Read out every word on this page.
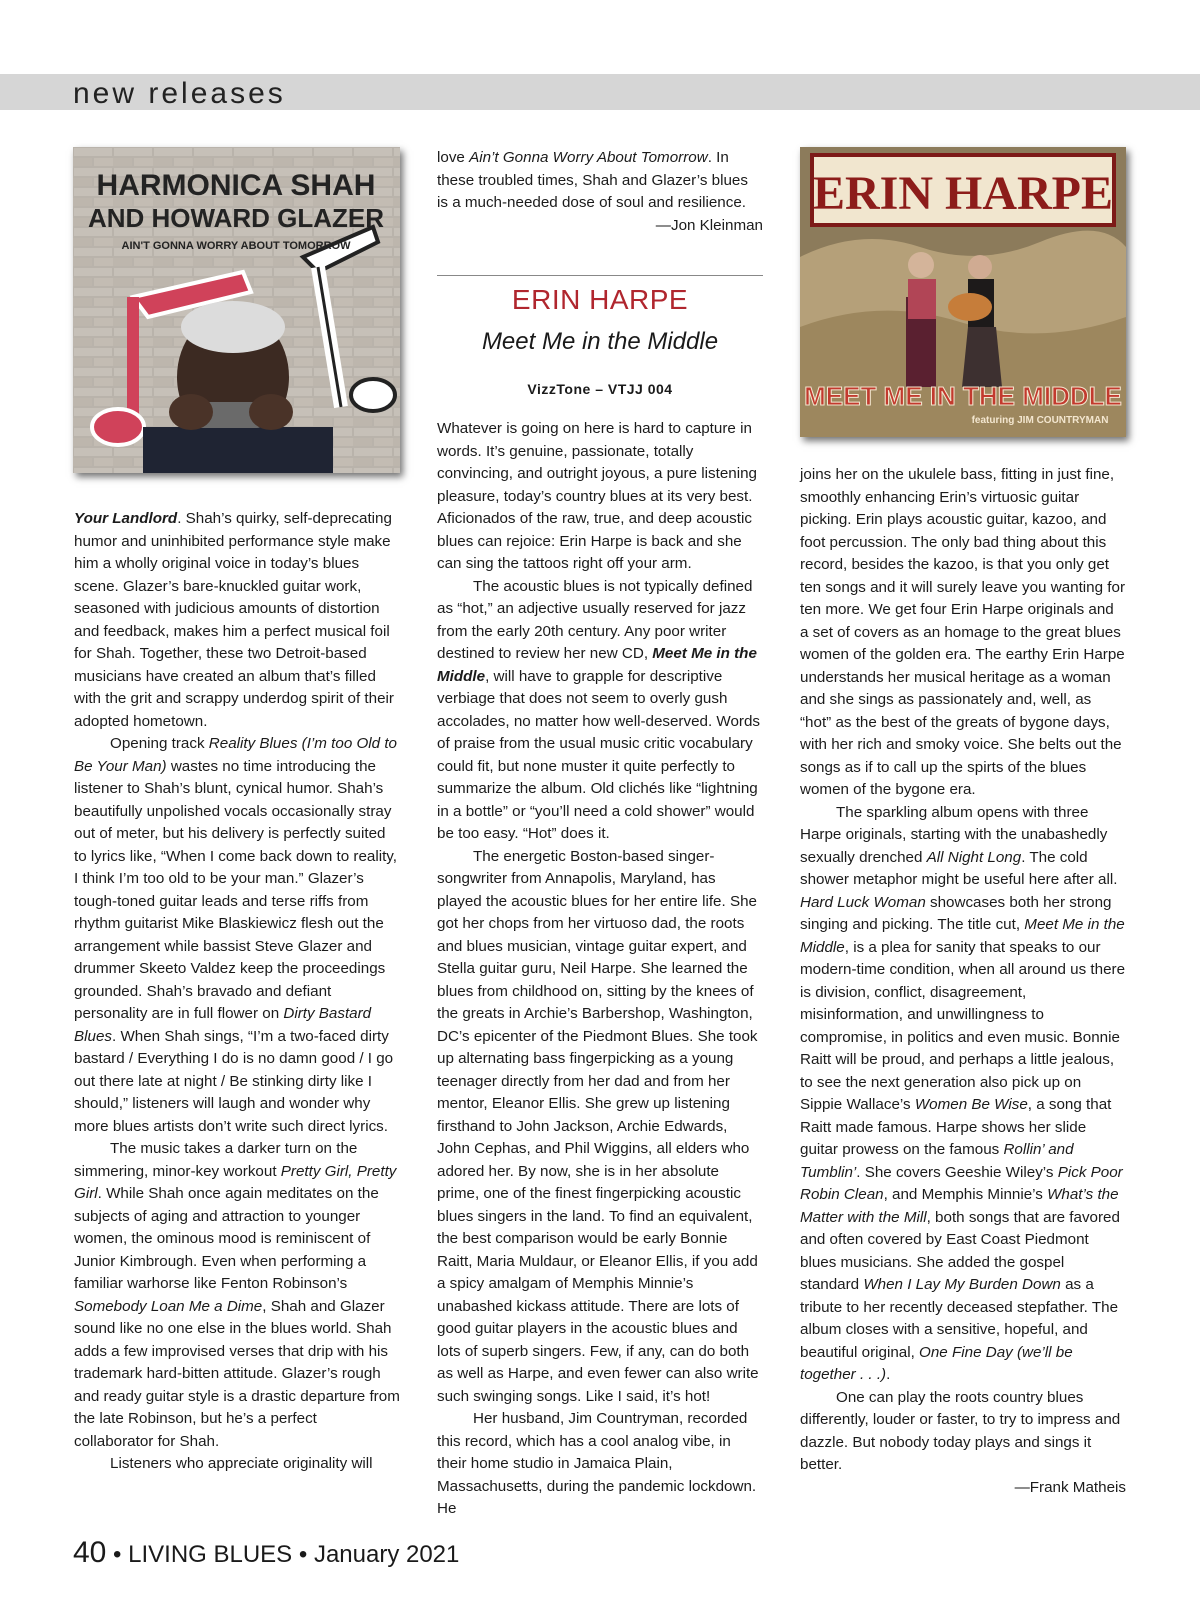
new releases
HARMONICA SHAH
AND HOWARD GLAZER
AIN'T GONNA WORRY ABOUT TOMORROW
ERIN HARPE
MEET ME IN THE MIDDLE
featuring JIM COUNTRYMAN

Your Landlord. Shah’s quirky, self-deprecating humor and uninhibited performance style make him a wholly original voice in today’s blues scene. Glazer’s bare-knuckled guitar work, seasoned with judicious amounts of distortion and feedback, makes him a perfect musical foil for Shah. Together, these two Detroit-based musicians have created an album that’s filled with the grit and scrappy underdog spirit of their adopted hometown.

Opening track Reality Blues (I’m too Old to Be Your Man) wastes no time introducing the listener to Shah’s blunt, cynical humor. Shah’s beautifully unpolished vocals occasionally stray out of meter, but his delivery is perfectly suited to lyrics like, “When I come back down to reality, I think I’m too old to be your man.” Glazer’s tough-toned guitar leads and terse riffs from rhythm guitarist Mike Blaskiewicz flesh out the arrangement while bassist Steve Glazer and drummer Skeeto Valdez keep the proceedings grounded. Shah’s bravado and defiant personality are in full flower on Dirty Bastard Blues. When Shah sings, “I’m a two-faced dirty bastard / Everything I do is no damn good / I go out there late at night / Be stinking dirty like I should,” listeners will laugh and wonder why more blues artists don’t write such direct lyrics.

The music takes a darker turn on the simmering, minor-key workout Pretty Girl, Pretty Girl. While Shah once again meditates on the subjects of aging and attraction to younger women, the ominous mood is reminiscent of Junior Kimbrough. Even when performing a familiar warhorse like Fenton Robinson’s Somebody Loan Me a Dime, Shah and Glazer sound like no one else in the blues world. Shah adds a few improvised verses that drip with his trademark hard-bitten attitude. Glazer’s rough and ready guitar style is a drastic departure from the late Robinson, but he’s a perfect collaborator for Shah.

Listeners who appreciate originality will

love Ain’t Gonna Worry About Tomorrow. In these troubled times, Shah and Glazer’s blues is a much-needed dose of soul and resilience.

—Jon Kleinman

ERIN HARPE
Meet Me in the Middle
VizzTone – VTJJ 004

Whatever is going on here is hard to capture in words. It’s genuine, passionate, totally convincing, and outright joyous, a pure listening pleasure, today’s country blues at its very best. Aficionados of the raw, true, and deep acoustic blues can rejoice: Erin Harpe is back and she can sing the tattoos right off your arm.

The acoustic blues is not typically defined as “hot,” an adjective usually reserved for jazz from the early 20th century. Any poor writer destined to review her new CD, Meet Me in the Middle, will have to grapple for descriptive verbiage that does not seem to overly gush accolades, no matter how well-deserved. Words of praise from the usual music critic vocabulary could fit, but none muster it quite perfectly to summarize the album. Old clichés like “lightning in a bottle” or “you’ll need a cold shower” would be too easy. “Hot” does it.

The energetic Boston-based singer-songwriter from Annapolis, Maryland, has played the acoustic blues for her entire life. She got her chops from her virtuoso dad, the roots and blues musician, vintage guitar expert, and Stella guitar guru, Neil Harpe. She learned the blues from childhood on, sitting by the knees of the greats in Archie’s Barbershop, Washington, DC’s epicenter of the Piedmont Blues. She took up alternating bass fingerpicking as a young teenager directly from her dad and from her mentor, Eleanor Ellis. She grew up listening firsthand to John Jackson, Archie Edwards, John Cephas, and Phil Wiggins, all elders who adored her. By now, she is in her absolute prime, one of the finest fingerpicking acoustic blues singers in the land. To find an equivalent, the best comparison would be early Bonnie Raitt, Maria Muldaur, or Eleanor Ellis, if you add a spicy amalgam of Memphis Minnie’s unabashed kickass attitude. There are lots of good guitar players in the acoustic blues and lots of superb singers. Few, if any, can do both as well as Harpe, and even fewer can also write such swinging songs. Like I said, it’s hot!

Her husband, Jim Countryman, recorded this record, which has a cool analog vibe, in their home studio in Jamaica Plain, Massachusetts, during the pandemic lockdown. He

joins her on the ukulele bass, fitting in just fine, smoothly enhancing Erin’s virtuosic guitar picking. Erin plays acoustic guitar, kazoo, and foot percussion. The only bad thing about this record, besides the kazoo, is that you only get ten songs and it will surely leave you wanting for ten more. We get four Erin Harpe originals and a set of covers as an homage to the great blues women of the golden era. The earthy Erin Harpe understands her musical heritage as a woman and she sings as passionately and, well, as “hot” as the best of the greats of bygone days, with her rich and smoky voice. She belts out the songs as if to call up the spirts of the blues women of the bygone era.

The sparkling album opens with three Harpe originals, starting with the unabashedly sexually drenched All Night Long. The cold shower metaphor might be useful here after all. Hard Luck Woman showcases both her strong singing and picking. The title cut, Meet Me in the Middle, is a plea for sanity that speaks to our modern-time condition, when all around us there is division, conflict, disagreement, misinformation, and unwillingness to compromise, in politics and even music. Bonnie Raitt will be proud, and perhaps a little jealous, to see the next generation also pick up on Sippie Wallace’s Women Be Wise, a song that Raitt made famous. Harpe shows her slide guitar prowess on the famous Rollin’ and Tumblin’. She covers Geeshie Wiley’s Pick Poor Robin Clean, and Memphis Minnie’s What’s the Matter with the Mill, both songs that are favored and often covered by East Coast Piedmont blues musicians. She added the gospel standard When I Lay My Burden Down as a tribute to her recently deceased stepfather. The album closes with a sensitive, hopeful, and beautiful original, One Fine Day (we’ll be together . . .).

One can play the roots country blues differently, louder or faster, to try to impress and dazzle. But nobody today plays and sings it better.

—Frank Matheis

40 • LIVING BLUES • January 2021
